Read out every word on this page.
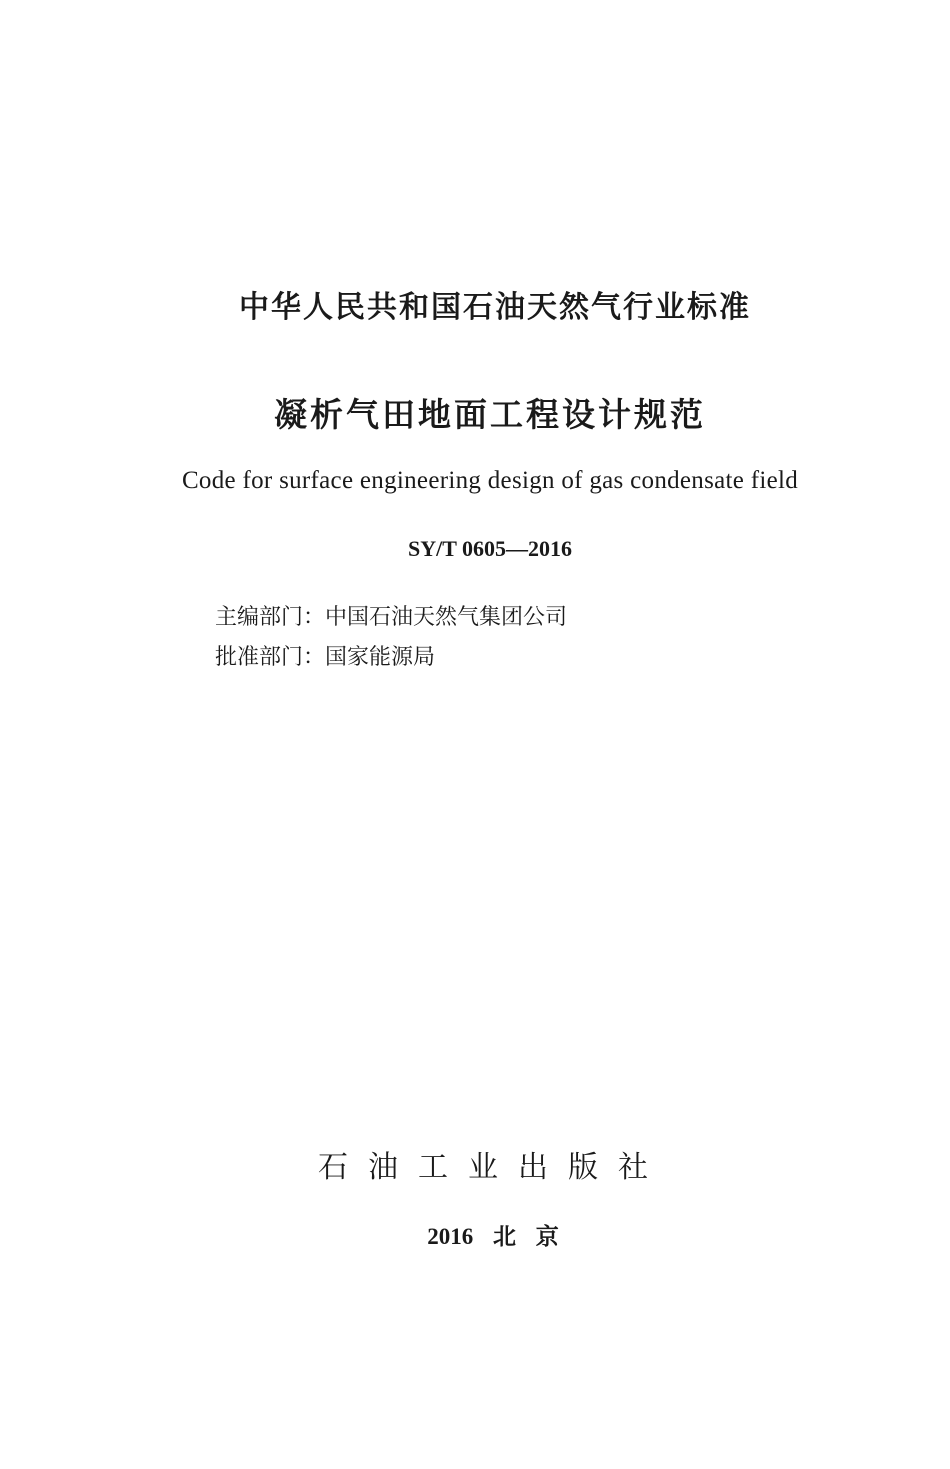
中华人民共和国石油天然气行业标准
凝析气田地面工程设计规范
Code for surface engineering design of gas condensate field
SY/T 0605—2016
主编部门：中国石油天然气集团公司
批准部门：国家能源局
石油工业出版社
2016 北 京
